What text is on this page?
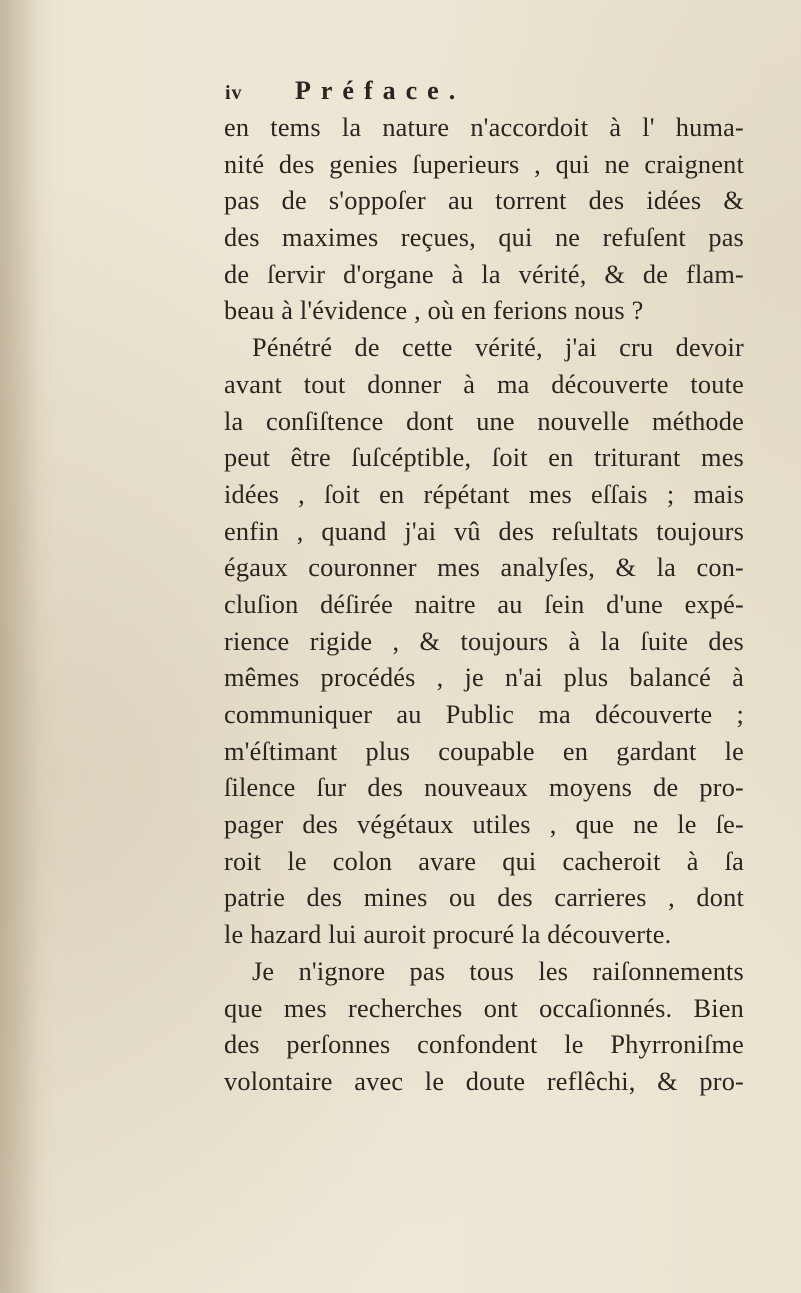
iv Préface.
en tems la nature n'accordoit à l' huma-
nité des genies ſuperieurs , qui ne craignent
pas de s'oppoſer au torrent des idées &
des maximes reçues, qui ne refuſent pas
de ſervir d'organe à la vérité, & de flam-
beau à l'évidence , où en ferions nous ?
Pénétré de cette vérité, j'ai cru devoir
avant tout donner à ma découverte toute
la conſiſtence dont une nouvelle méthode
peut être ſuſcéptible, ſoit en triturant mes
idées , ſoit en répétant mes eſſais ; mais
enfin , quand j'ai vû des reſultats toujours
égaux couronner mes analyſes, & la con-
cluſion déſirée naitre au ſein d'une expé-
rience rigide , & toujours à la ſuite des
mêmes procédés , je n'ai plus balancé à
communiquer au Public ma découverte ;
m'éſtimant plus coupable en gardant le
ſilence ſur des nouveaux moyens de pro-
pager des végétaux utiles , que ne le ſe-
roit le colon avare qui cacheroit à ſa
patrie des mines ou des carrieres , dont
le hazard lui auroit procuré la découverte.
Je n'ignore pas tous les raiſonnements
que mes recherches ont occaſionnés. Bien
des perſonnes confondent le Phyrroniſme
volontaire avec le doute reflêchi, & pro-
